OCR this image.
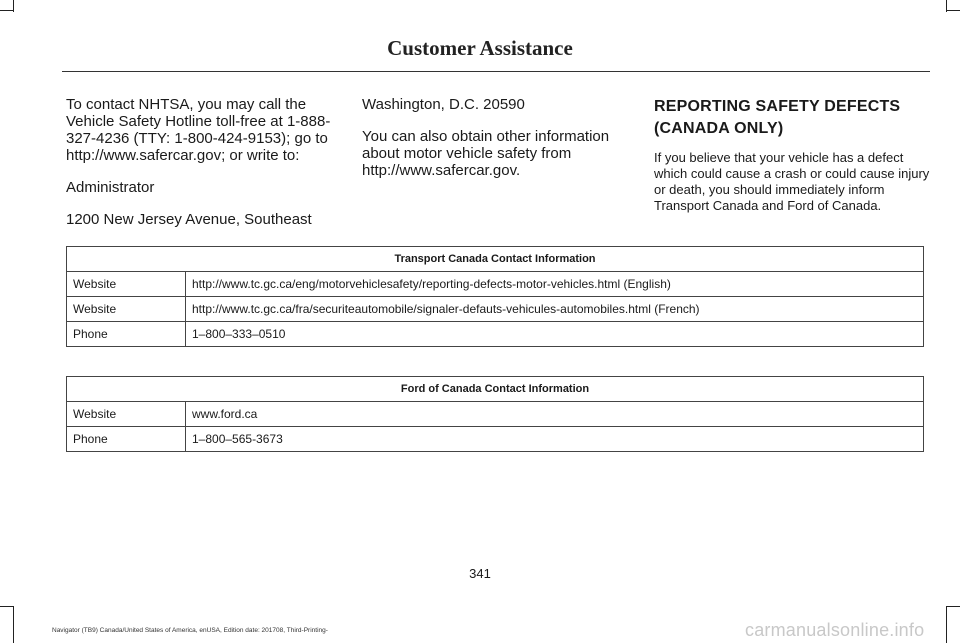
Customer Assistance

To contact NHTSA, you may call the Vehicle Safety Hotline toll-free at 1-888-327-4236 (TTY: 1-800-424-9153); go to http://www.safercar.gov; or write to:

Administrator

1200 New Jersey Avenue, Southeast

Washington, D.C. 20590

You can also obtain other information about motor vehicle safety from http://www.safercar.gov.

REPORTING SAFETY DEFECTS
(CANADA ONLY)

If you believe that your vehicle has a defect which could cause a crash or could cause injury or death, you should immediately inform Transport Canada and Ford of Canada.

Transport Canada Contact Information	
Website	http://www.tc.gc.ca/eng/motorvehiclesafety/reporting-defects-motor-vehicles.html (English)
Website	http://www.tc.gc.ca/fra/securiteautomobile/signaler-defauts-vehicules-automobiles.html (French)
Phone	1–800–333–0510
Ford of Canada Contact Information	
Website	www.ford.ca
Phone	1–800–565-3673
341
Navigator (TB9) Canada/United States of America, enUSA, Edition date: 201708, Third-Printing-	carmanualsonline.info
